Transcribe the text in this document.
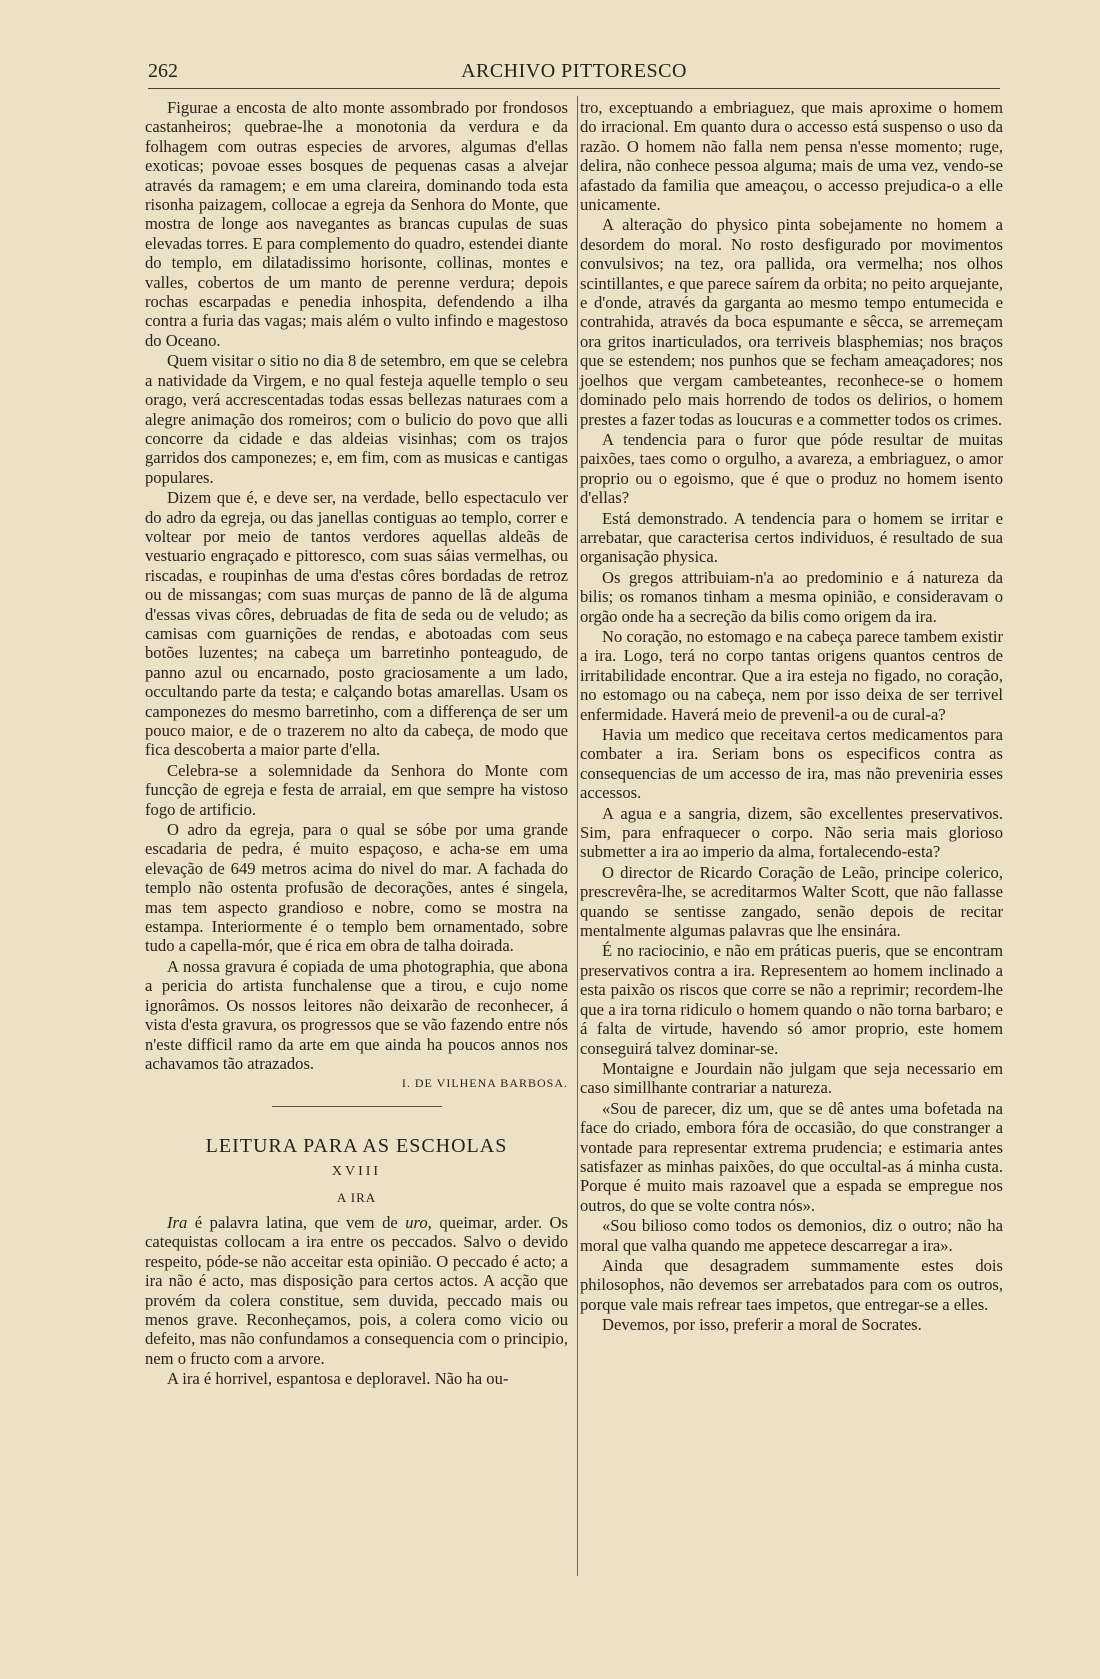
262	ARCHIVO PITTORESCO

Figurae a encosta de alto monte assombrado por frondosos castanheiros; quebrae-lhe a monotonia da verdura e da folhagem com outras especies de arvores, algumas d'ellas exoticas; povoae esses bosques de pequenas casas a alvejar através da ramagem; e em uma clareira, dominando toda esta risonha paizagem, collocae a egreja da Senhora do Monte, que mostra de longe aos navegantes as brancas cupulas de suas elevadas torres. E para complemento do quadro, estendei diante do templo, em dilatadissimo horisonte, collinas, montes e valles, cobertos de um manto de perenne verdura; depois rochas escarpadas e penedia inhospita, defendendo a ilha contra a furia das vagas; mais além o vulto infindo e magestoso do Oceano.

Quem visitar o sitio no dia 8 de setembro, em que se celebra a natividade da Virgem, e no qual festeja aquelle templo o seu orago, verá accrescentadas todas essas bellezas naturaes com a alegre animação dos romeiros; com o bulicio do povo que alli concorre da cidade e das aldeias visinhas; com os trajos garridos dos camponezes; e, em fim, com as musicas e cantigas populares.

Dizem que é, e deve ser, na verdade, bello espectaculo ver do adro da egreja, ou das janellas contiguas ao templo, correr e voltear por meio de tantos verdores aquellas aldeãs de vestuario engraçado e pittoresco, com suas sáias vermelhas, ou riscadas, e roupinhas de uma d'estas côres bordadas de retroz ou de missangas; com suas murças de panno de lã de alguma d'essas vivas côres, debruadas de fita de seda ou de veludo; as camisas com guarnições de rendas, e abotoadas com seus botões luzentes; na cabeça um barretinho ponteagudo, de panno azul ou encarnado, posto graciosamente a um lado, occultando parte da testa; e calçando botas amarellas. Usam os camponezes do mesmo barretinho, com a differença de ser um pouco maior, e de o trazerem no alto da cabeça, de modo que fica descoberta a maior parte d'ella.

Celebra-se a solemnidade da Senhora do Monte com funcção de egreja e festa de arraial, em que sempre ha vistoso fogo de artificio.

O adro da egreja, para o qual se sóbe por uma grande escadaria de pedra, é muito espaçoso, e acha-se em uma elevação de 649 metros acima do nivel do mar. A fachada do templo não ostenta profusão de decorações, antes é singela, mas tem aspecto grandioso e nobre, como se mostra na estampa. Interiormente é o templo bem ornamentado, sobre tudo a capella-mór, que é rica em obra de talha doirada.

A nossa gravura é copiada de uma photographia, que abona a pericia do artista funchalense que a tirou, e cujo nome ignorâmos. Os nossos leitores não deixarão de reconhecer, á vista d'esta gravura, os progressos que se vão fazendo entre nós n'este difficil ramo da arte em que ainda ha poucos annos nos achavamos tão atrazados.

I. DE VILHENA BARBOSA.

LEITURA PARA AS ESCHOLAS
XVIII
A IRA

Ira é palavra latina, que vem de uro, queimar, arder. Os catequistas collocam a ira entre os peccados. Salvo o devido respeito, póde-se não acceitar esta opinião. O peccado é acto; a ira não é acto, mas disposição para certos actos. A acção que provém da colera constitue, sem duvida, peccado mais ou menos grave. Reconheçamos, pois, a colera como vicio ou defeito, mas não confundamos a consequencia com o principio, nem o fructo com a arvore.

A ira é horrivel, espantosa e deploravel. Não ha ou-

tro, exceptuando a embriaguez, que mais aproxime o homem do irracional. Em quanto dura o accesso está suspenso o uso da razão. O homem não falla nem pensa n'esse momento; ruge, delira, não conhece pessoa alguma; mais de uma vez, vendo-se afastado da familia que ameaçou, o accesso prejudica-o a elle unicamente.

A alteração do physico pinta sobejamente no homem a desordem do moral. No rosto desfigurado por movimentos convulsivos; na tez, ora pallida, ora vermelha; nos olhos scintillantes, e que parece saírem da orbita; no peito arquejante, e d'onde, através da garganta ao mesmo tempo entumecida e contrahida, através da boca espumante e sêcca, se arremeçam ora gritos inarticulados, ora terriveis blasphemias; nos braços que se estendem; nos punhos que se fecham ameaçadores; nos joelhos que vergam cambeteantes, reconhece-se o homem dominado pelo mais horrendo de todos os delirios, o homem prestes a fazer todas as loucuras e a commetter todos os crimes.

A tendencia para o furor que póde resultar de muitas paixões, taes como o orgulho, a avareza, a embriaguez, o amor proprio ou o egoismo, que é que o produz no homem isento d'ellas?

Está demonstrado. A tendencia para o homem se irritar e arrebatar, que caracterisa certos individuos, é resultado de sua organisação physica.

Os gregos attribuiam-n'a ao predominio e á natureza da bilis; os romanos tinham a mesma opinião, e consideravam o orgão onde ha a secreção da bilis como origem da ira.

No coração, no estomago e na cabeça parece tambem existir a ira. Logo, terá no corpo tantas origens quantos centros de irritabilidade encontrar. Que a ira esteja no figado, no coração, no estomago ou na cabeça, nem por isso deixa de ser terrivel enfermidade. Haverá meio de prevenil-a ou de cural-a?

Havia um medico que receitava certos medicamentos para combater a ira. Seriam bons os especificos contra as consequencias de um accesso de ira, mas não preveniria esses accessos.

A agua e a sangria, dizem, são excellentes preservativos. Sim, para enfraquecer o corpo. Não seria mais glorioso submetter a ira ao imperio da alma, fortalecendo-esta?

O director de Ricardo Coração de Leão, principe colerico, prescrevêra-lhe, se acreditarmos Walter Scott, que não fallasse quando se sentisse zangado, senão depois de recitar mentalmente algumas palavras que lhe ensinára.

É no raciocinio, e não em práticas pueris, que se encontram preservativos contra a ira. Representem ao homem inclinado a esta paixão os riscos que corre se não a reprimir; recordem-lhe que a ira torna ridiculo o homem quando o não torna barbaro; e á falta de virtude, havendo só amor proprio, este homem conseguirá talvez dominar-se.

Montaigne e Jourdain não julgam que seja necessario em caso simillhante contrariar a natureza.

«Sou de parecer, diz um, que se dê antes uma bofetada na face do criado, embora fóra de occasião, do que constranger a vontade para representar extrema prudencia; e estimaria antes satisfazer as minhas paixões, do que occultal-as á minha custa. Porque é muito mais razoavel que a espada se empregue nos outros, do que se volte contra nós».

«Sou bilioso como todos os demonios, diz o outro; não ha moral que valha quando me appetece descarregar a ira».

Ainda que desagradem summamente estes dois philosophos, não devemos ser arrebatados para com os outros, porque vale mais refrear taes impetos, que entregar-se a elles.

Devemos, por isso, preferir a moral de Socrates.
